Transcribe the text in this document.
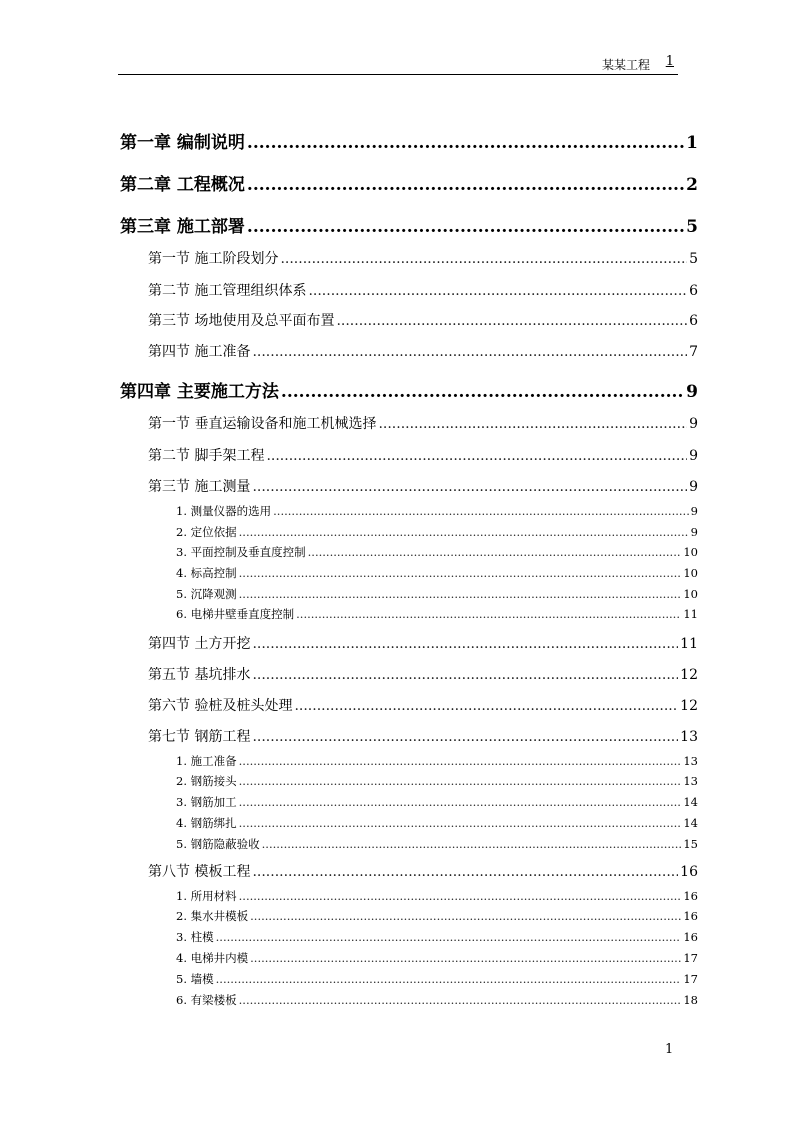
某某工程 1
第一章 编制说明 .....	1
第二章 工程概况 .....	2
第三章 施工部署 .....	5
第一节 施工阶段划分 .....	5
第二节 施工管理组织体系 .....	6
第三节 场地使用及总平面布置 .....	6
第四节 施工准备 .....	7
第四章 主要施工方法 .....	9
第一节 垂直运输设备和施工机械选择 .....	9
第二节 脚手架工程 .....	9
第三节 施工测量 .....	9
1. 测量仪器的选用 .....	9
2. 定位依据 .....	9
3. 平面控制及垂直度控制 .....	10
4. 标高控制 .....	10
5. 沉降观测 .....	10
6. 电梯井壁垂直度控制 .....	11
第四节 土方开挖 .....	11
第五节 基坑排水 .....	12
第六节 验桩及桩头处理 .....	12
第七节 钢筋工程 .....	13
1. 施工准备 .....	13
2. 钢筋接头 .....	13
3. 钢筋加工 .....	14
4. 钢筋绑扎 .....	14
5. 钢筋隐蔽验收 .....	15
第八节 模板工程 .....	16
1. 所用材料 .....	16
2. 集水井模板 .....	16
3. 柱模 .....	16
4. 电梯井内模 .....	17
5. 墙模 .....	17
6. 有梁楼板 .....	18
1
